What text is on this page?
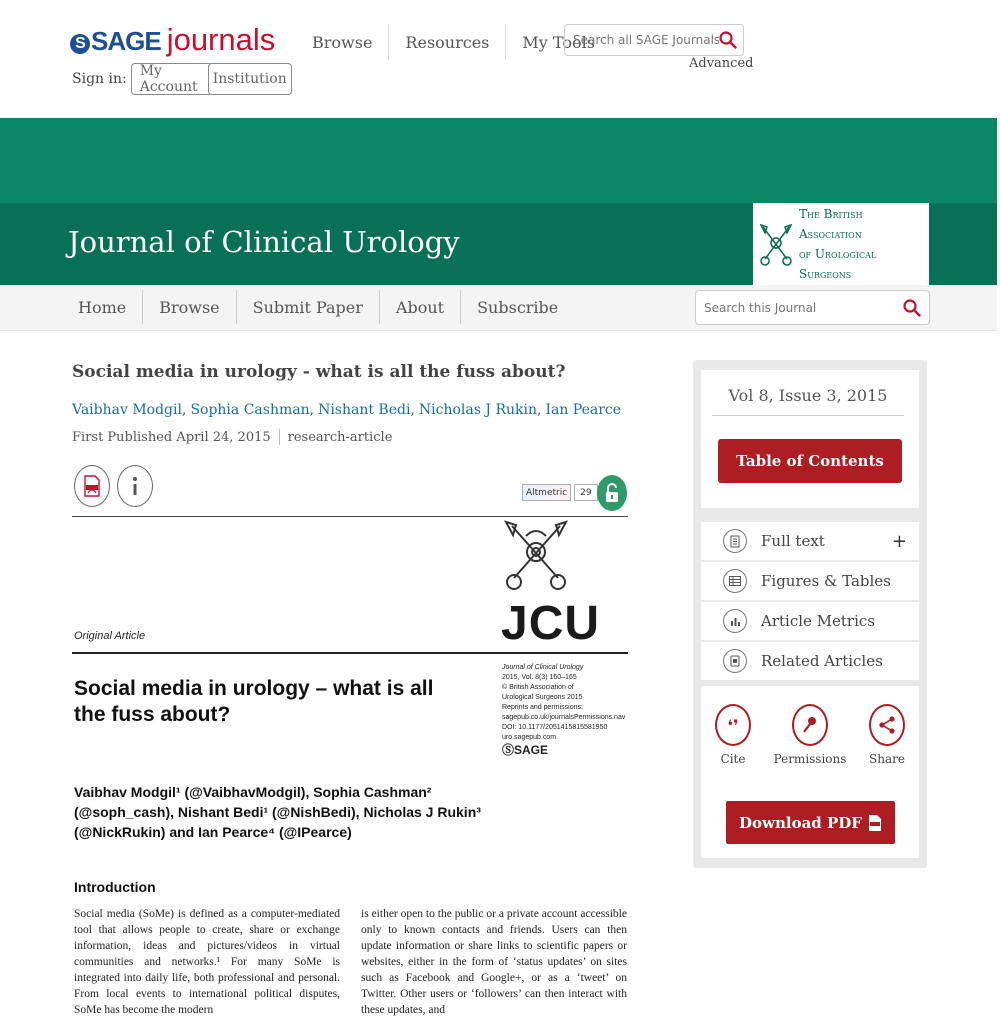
S SAGE journals
Sign in: My Account	Institution
Browse	Resources	My Tools
Search all SAGE Journals
Advanced
Journal of Clinical Urology
The British Association
of Urological Surgeons
Home	Browse	Submit Paper	About	Subscribe
Search this Journal
Social media in urology - what is all the fuss about?
Vaibhav Modgil , Sophia Cashman , Nishant Bedi , Nicholas J Rukin , Ian Pearce
First Published April 24, 2015 research-article
Altmetric	29
JCU
Original Article
Journal of Clinical Urology
2015, Vol. 8(3) 160–165
© British Association of
Urological Surgeons 2015
Reprints and permissions:
sagepub.co.uk/journalsPermissions.nav
DOI: 10.1177/2051415815581950
uro.sagepub.com
ⓈSAGE
Social media in urology – what is all the fuss about?
Vaibhav Modgil¹ (@VaibhavModgil), Sophia Cashman² (@soph_cash), Nishant Bedi¹ (@NishBedi), Nicholas J Rukin³ (@NickRukin) and Ian Pearce⁴ (@IPearce)
Introduction
Social media (SoMe) is defined as a computer-mediated tool that allows people to create, share or exchange information, ideas and pictures/videos in virtual communities and networks.¹ For many SoMe is integrated into daily life, both professional and personal. From local events to international political disputes, SoMe has become the modern
is either open to the public or a private account accessible only to known contacts and friends. Users can then update information or share links to scientific papers or websites, either in the form of ‘status updates’ on sites such as Facebook and Google+, or as a ‘tweet’ on Twitter. Other users or ‘followers’ can then interact with these updates, and
Vol 8, Issue 3, 2015
Table of Contents
Full text	+
Figures & Tables
Article Metrics
Related Articles
❛❜
Cite	Permissions	Share
Download PDF
